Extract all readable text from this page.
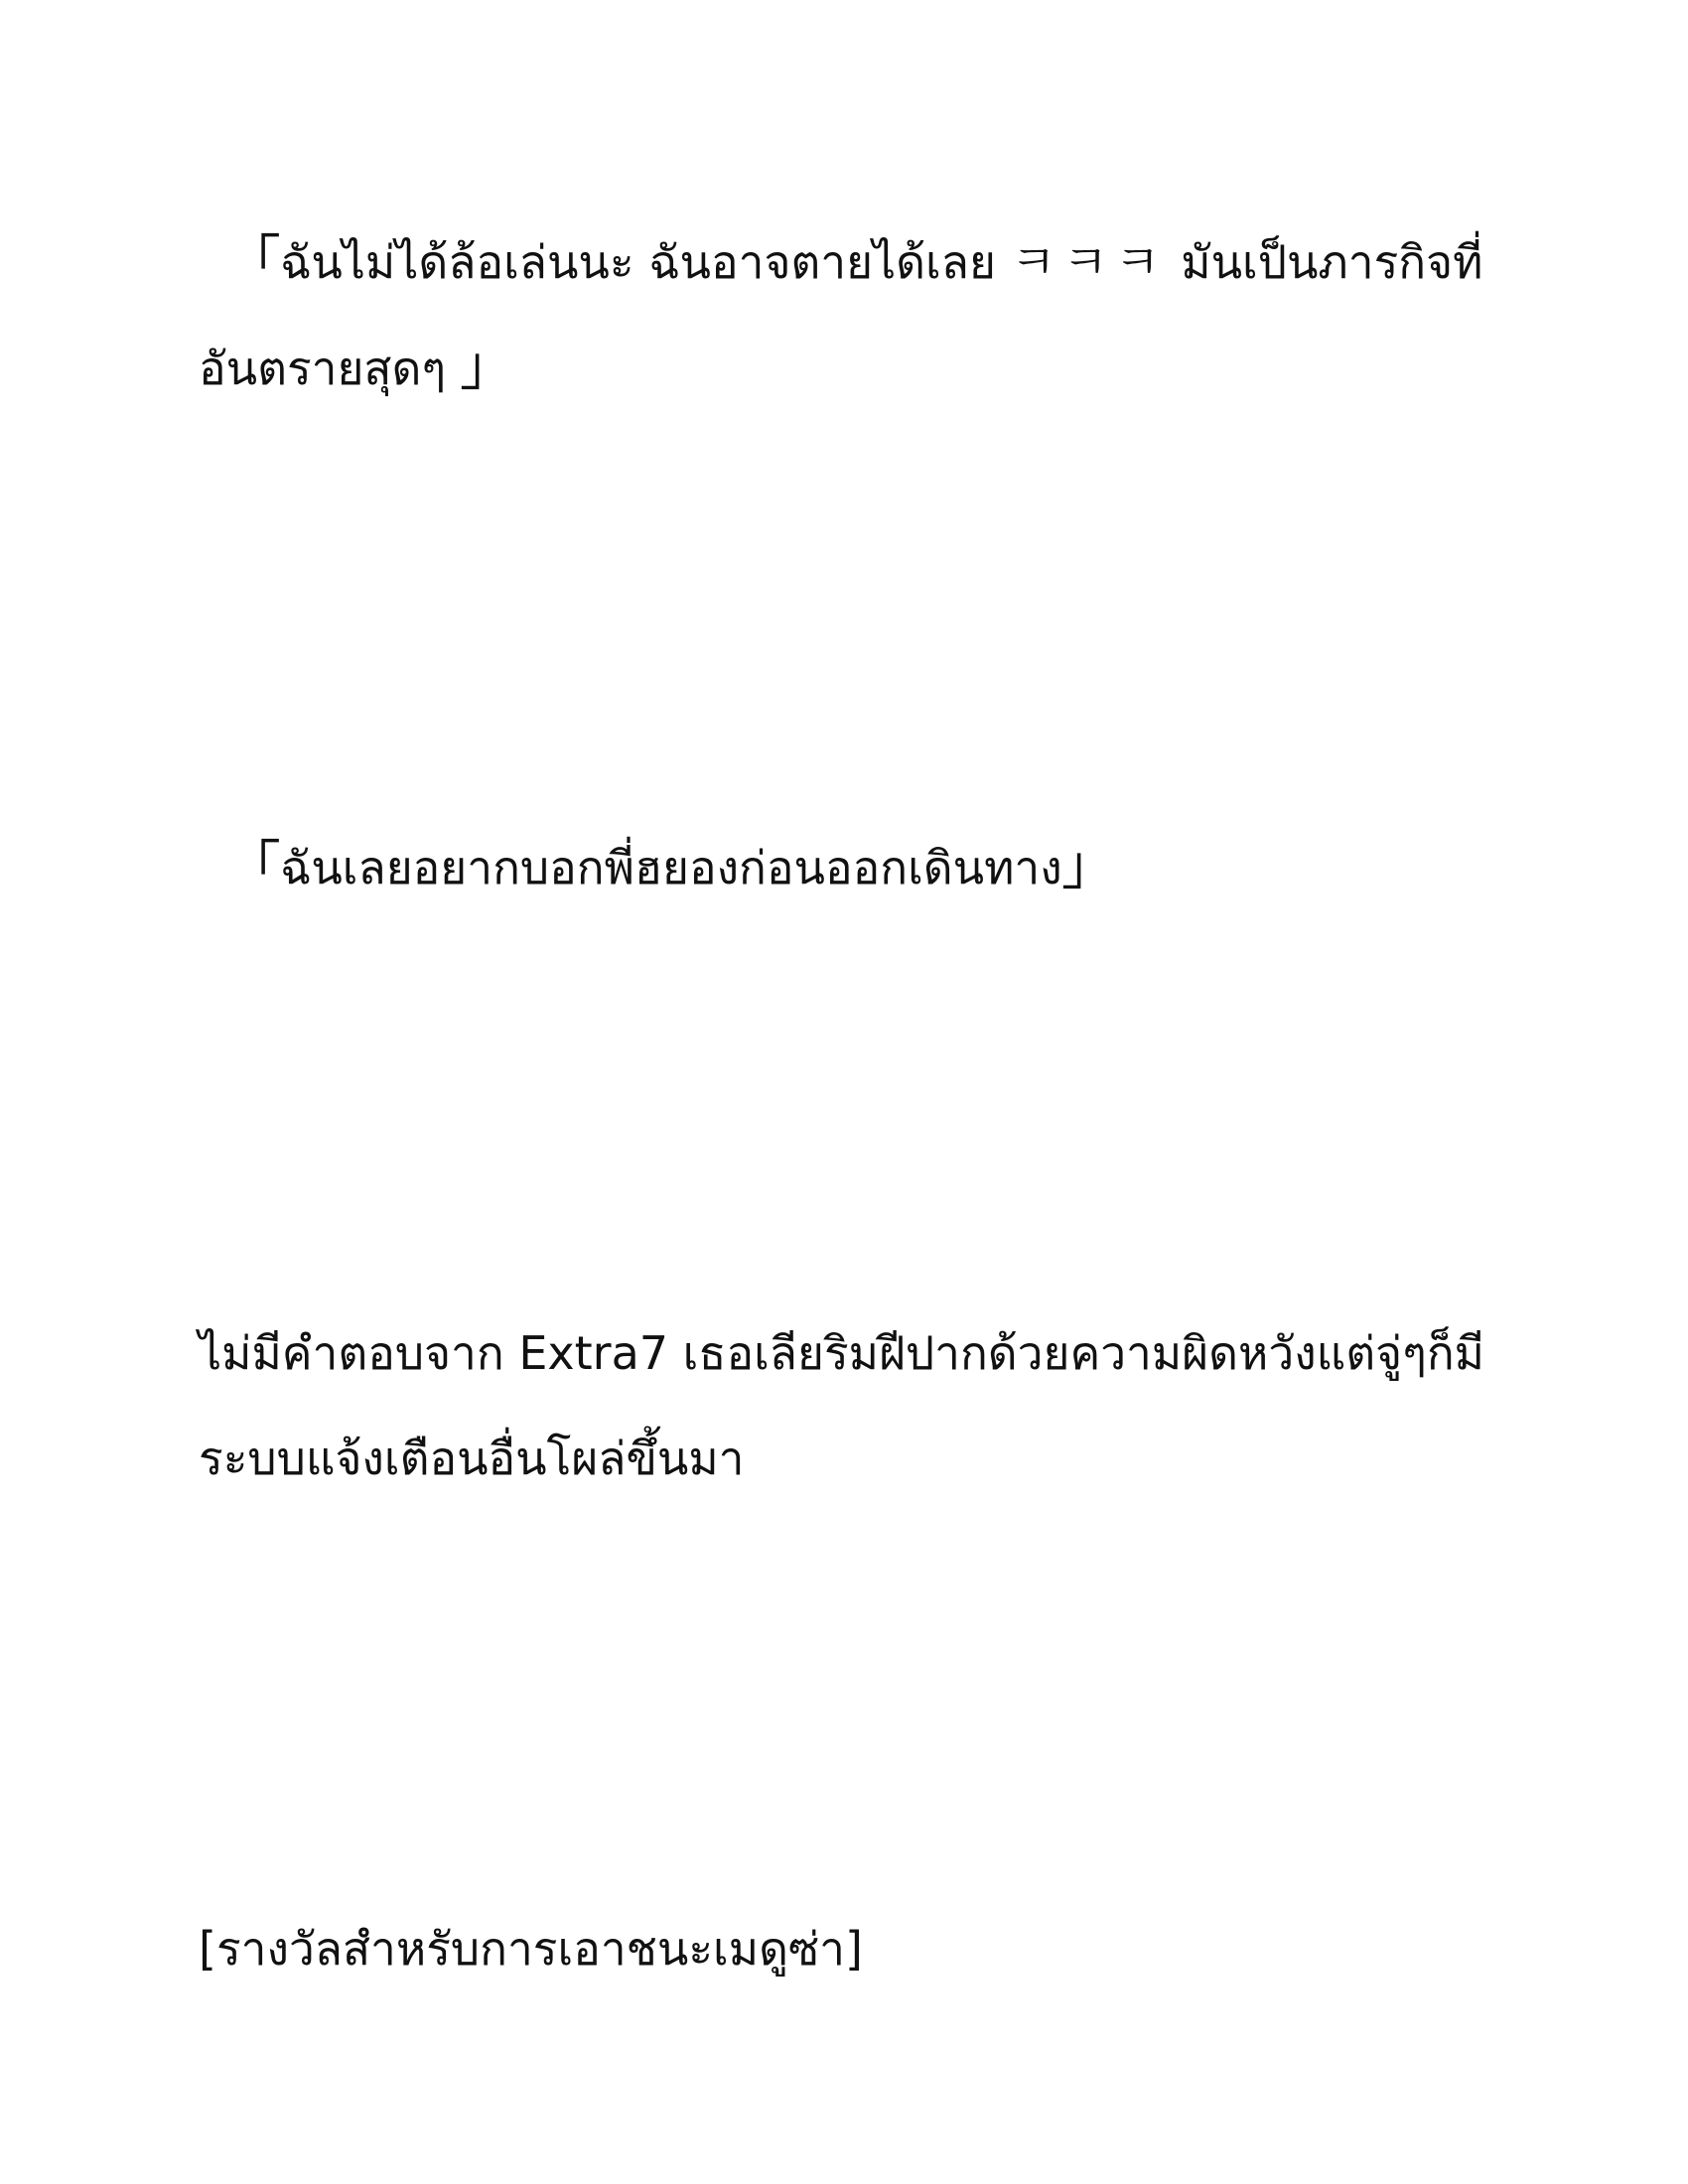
「ฉันไม่ได้ล้อเล่นนะ ฉันอาจตายได้เลย ㅋㅋㅋ มันเป็นภารกิจที่อันตรายสุดๆ 」
「ฉันเลยอยากบอกพี่ฮยองก่อนออกเดินทาง」
ไม่มีคำตอบจาก Extra7 เธอเลียริมฝีปากด้วยความผิดหวังแต่จู่ๆก็มีระบบแจ้งเตือนอื่นโผล่ขึ้นมา
[รางวัลสำหรับการเอาชนะเมดูซ่า]
